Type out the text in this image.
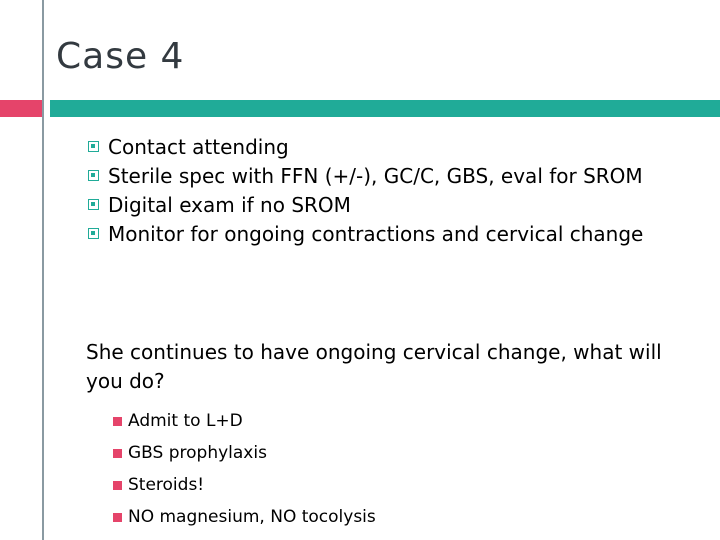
Case 4
Contact attending
Sterile spec with FFN (+/-), GC/C, GBS, eval for SROM
Digital exam if no SROM
Monitor for ongoing contractions and cervical change

She continues to have ongoing cervical change, what will you do?

Admit to L+D
GBS prophylaxis
Steroids!
NO magnesium, NO tocolysis
